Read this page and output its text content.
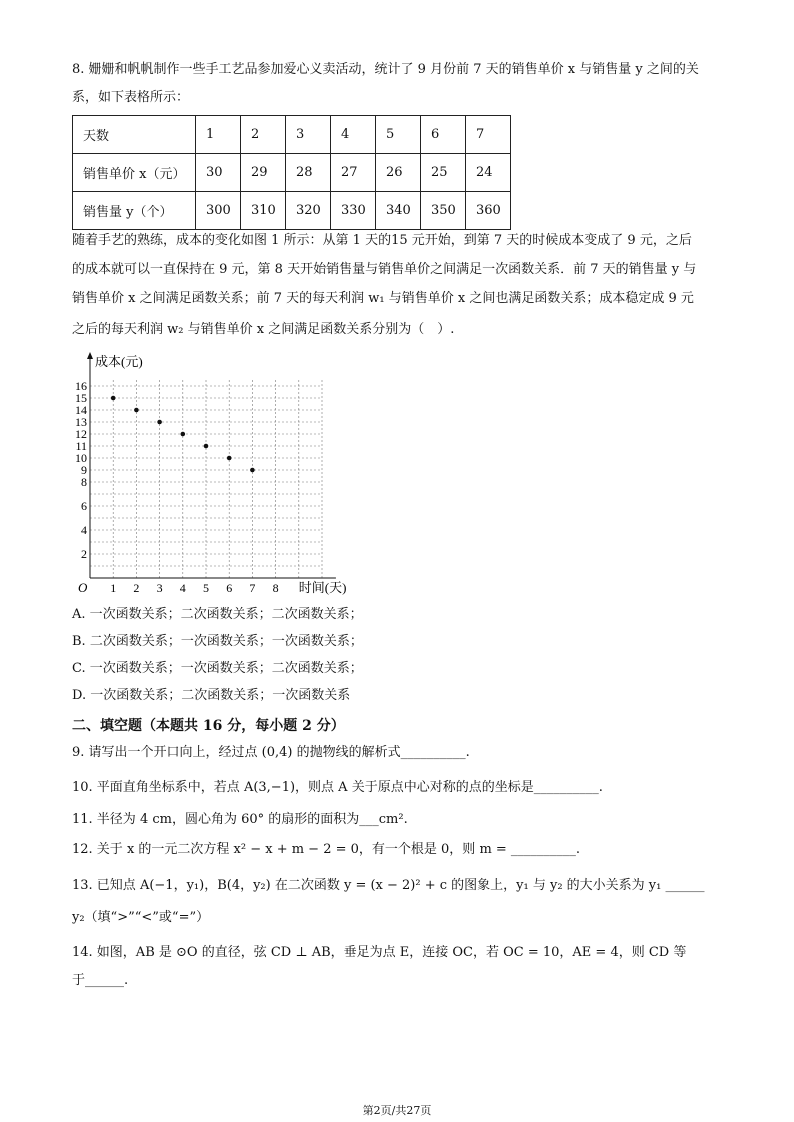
8. 姗姗和帆帆制作一些手工艺品参加爱心义卖活动，统计了 9 月份前 7 天的销售单价 x 与销售量 y 之间的关
系，如下表格所示：
天数	1	2	3	4	5	6	7
销售单价 x（元）	30	29	28	27	26	25	24
销售量 y（个）	300	310	320	330	340	350	360
随着手艺的熟练，成本的变化如图 1 所示：从第 1 天的15 元开始，到第 7 天的时候成本变成了 9 元，之后
的成本就可以一直保持在 9 元，第 8 天开始销售量与销售单价之间满足一次函数关系．前 7 天的销售量 y 与
销售单价 x 之间满足函数关系；前 7 天的每天利润 w₁ 与销售单价 x 之间也满足函数关系；成本稳定成 9 元
之后的每天利润 w₂ 与销售单价 x 之间满足函数关系分别为（　）.
成本(元)
时间(天)
O 1 2 3 4 5 6 7 8
2
4
6
8
9
10
11
12
13
14
15
16
A. 一次函数关系；二次函数关系；二次函数关系；
B. 二次函数关系；一次函数关系；一次函数关系；
C. 一次函数关系；一次函数关系；二次函数关系；
D. 一次函数关系；二次函数关系；一次函数关系
二、填空题（本题共 16 分，每小题 2 分）
9. 请写出一个开口向上，经过点 (0,4) 的抛物线的解析式__________.
10. 平面直角坐标系中，若点 A(3,−1)，则点 A 关于原点中心对称的点的坐标是__________.
11. 半径为 4 cm，圆心角为 60° 的扇形的面积为___cm².
12. 关于 x 的一元二次方程 x² − x + m − 2 = 0，有一个根是 0，则 m = __________.
13. 已知点 A(−1，y₁)，B(4，y₂) 在二次函数 y = (x − 2)² + c 的图象上，y₁ 与 y₂ 的大小关系为 y₁ ______
y₂（填“>”“<”或“=”）
14. 如图，AB 是 ⊙O 的直径，弦 CD ⊥ AB，垂足为点 E，连接 OC，若 OC = 10，AE = 4，则 CD 等
于______.
第2页/共27页
